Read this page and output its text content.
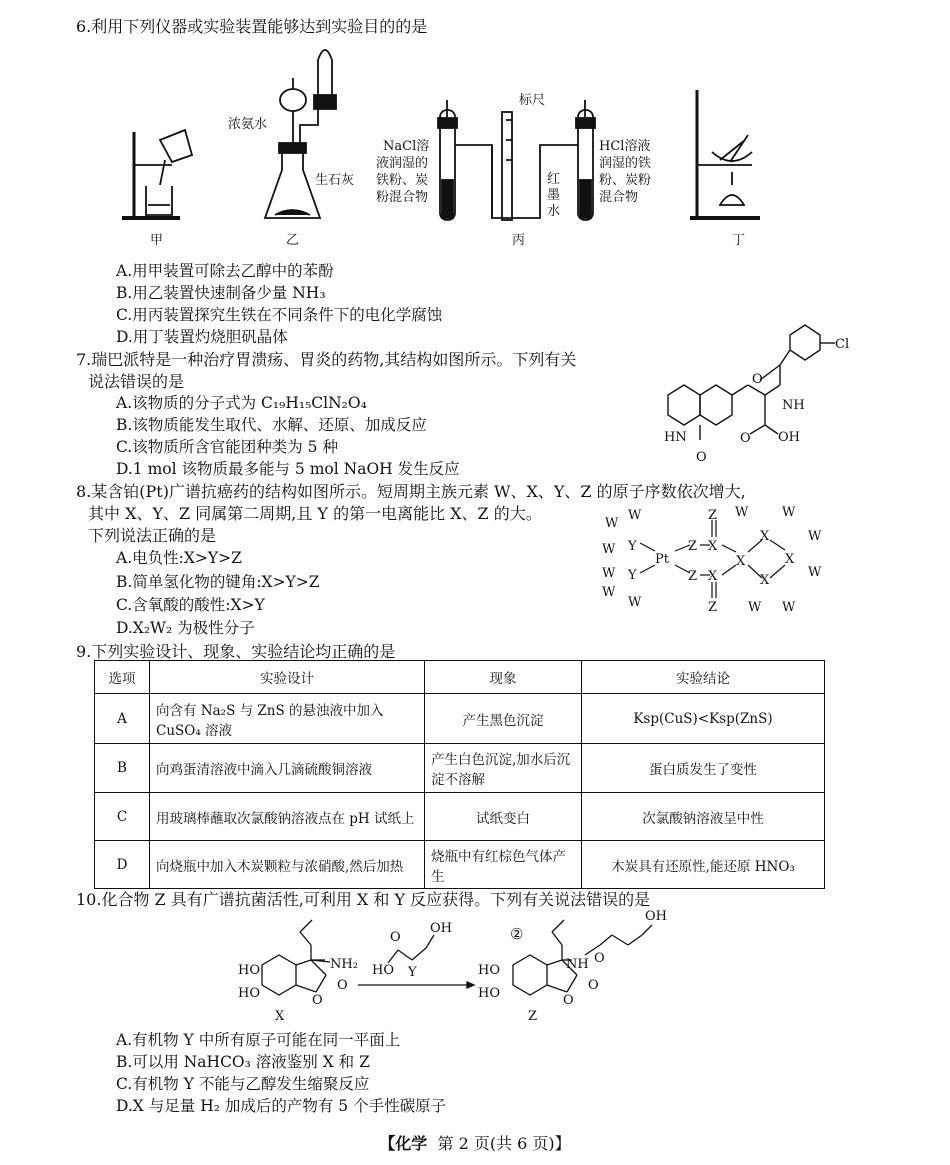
6.利用下列仪器或实验装置能够达到实验目的的是
浓氨水
生石灰
标尺
NaCl溶
液润湿的
铁粉、炭
粉混合物
HCl溶液
润湿的铁
粉、炭粉
混合物
红
墨
水
甲	乙	丙	丁
A.用甲装置可除去乙醇中的苯酚
B.用乙装置快速制备少量 NH₃
C.用丙装置探究生铁在不同条件下的电化学腐蚀
D.用丁装置灼烧胆矾晶体
7.瑞巴派特是一种治疗胃溃疡、胃炎的药物,其结构如图所示。下列有关
说法错误的是
A.该物质的分子式为 C₁₉H₁₅ClN₂O₄
B.该物质能发生取代、水解、还原、加成反应
C.该物质所含官能团种类为 5 种
D.1 mol 该物质最多能与 5 mol NaOH 发生反应
Cl
O
NH
HN
O
OH
O
8.某含铂(Pt)广谱抗癌药的结构如图所示。短周期主族元素 W、X、Y、Z 的原子序数依次增大,
其中 X、Y、Z 同属第二周期,且 Y 的第一电离能比 X、Z 的大。
下列说法正确的是
A.电负性:X>Y>Z
B.简单氢化物的键角:X>Y>Z
C.含氧酸的酸性:X>Y
D.X₂W₂ 为极性分子
W
W
W Y
W Y
W
W
Pt
Z
Z
Z
Z
X
X
X
X
X
X
W	W
W
W
W W
9.下列实验设计、现象、实验结论均正确的是
选项	实验设计	现象	实验结论
A	向含有 Na₂S 与 ZnS 的悬浊液中加入 CuSO₄ 溶液	产生黑色沉淀	Ksp(CuS)<Ksp(ZnS)
B	向鸡蛋清溶液中滴入几滴硫酸铜溶液	产生白色沉淀,加水后沉淀不溶解	蛋白质发生了变性
C	用玻璃棒蘸取次氯酸钠溶液点在 pH 试纸上	试纸变白	次氯酸钠溶液呈中性
D	向烧瓶中加入木炭颗粒与浓硝酸,然后加热	烧瓶中有红棕色气体产生	木炭具有还原性,能还原 HNO₃
10.化合物 Z 具有广谱抗菌活性,可利用 X 和 Y 反应获得。下列有关说法错误的是
HO
HO
NH₂
O
O
X
OH
HO
O
Y
②
NH O
OH
HO
HO	O
O
Z
A.有机物 Y 中所有原子可能在同一平面上
B.可以用 NaHCO₃ 溶液鉴别 X 和 Z
C.有机物 Y 不能与乙醇发生缩聚反应
D.X 与足量 H₂ 加成后的产物有 5 个手性碳原子
【化学 第 2 页(共 6 页)】
